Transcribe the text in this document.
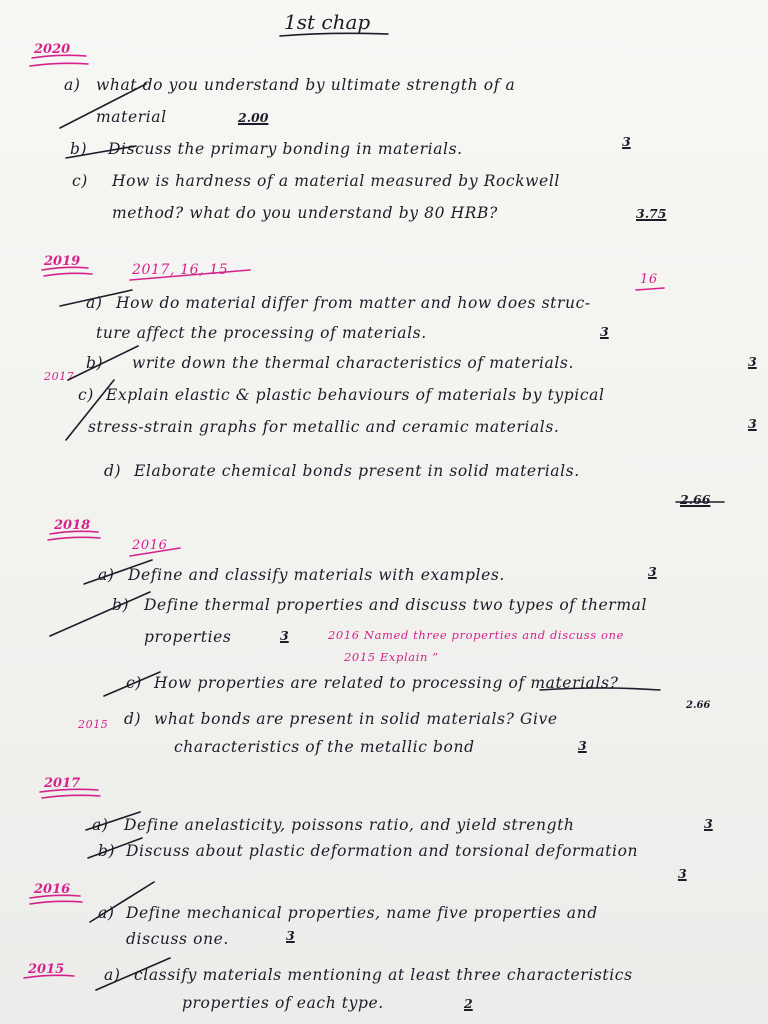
1st chap
2020
a) what do you understand by ultimate strength of a
material	2.00
b) Discuss the primary bonding in materials.	3
c) How is hardness of a material measured by Rockwell
method? what do you understand by 80 HRB?	3.75
2019
2017, 16, 15
16
a) How do material differ from matter and how does struc-
ture affect the processing of materials.	3
2017
b) write down the thermal characteristics of materials.	3
c) Explain elastic & plastic behaviours of materials by typical
stress-strain graphs for metallic and ceramic materials.	3
d) Elaborate chemical bonds present in solid materials.
2.66
2018
2016
a) Define and classify materials with examples.	3
b) Define thermal properties and discuss two types of thermal
properties	3	2016 Named three properties and discuss one
2015 Explain ”
c) How properties are related to processing of materials?
2.66
2015 d) what bonds are present in solid materials? Give
characteristics of the metallic bond	3
2017
a) Define anelasticity, poissons ratio, and yield strength	3
b) Discuss about plastic deformation and torsional deformation
3
2016
a) Define mechanical properties, name five properties and
discuss one.	3
2015	a) classify materials mentioning at least three characteristics
properties of each type.	2
